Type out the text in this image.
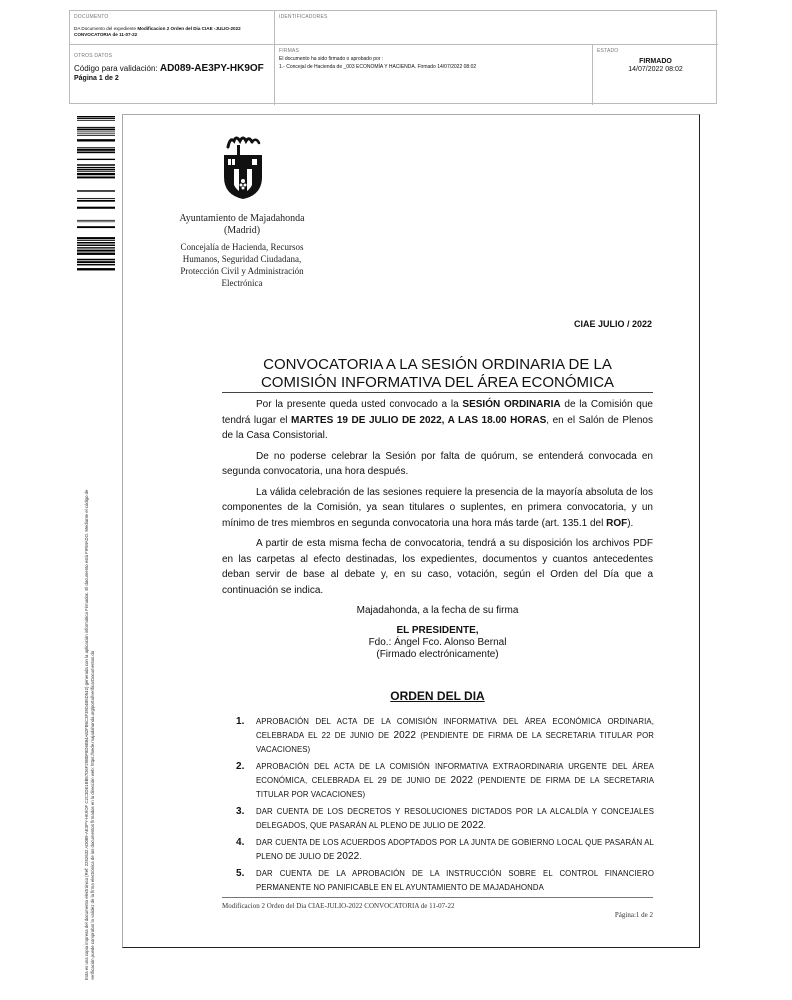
DOCUMENTO
DA Documento del expediente Modificacion 2 Orden del Dia CIAE -JULIO-2022 CONVOCATORIA de 11-07-22
IDENTIFICADORES
OTROS DATOS
Código para validación: AD089-AE3PY-HK9OF
Página 1 de 2
FIRMAS
El documento ha sido firmado o aprobado por :
1.- Concejal de Hacienda de _003 ECONOMÍA Y HACIENDA. Firmado 14/07/2022 08:02
ESTADO
FIRMADO
14/07/2022 08:02
Esta es una copia impresa del documento electrónico (Ref: 2252632 AD089-AE3PY-HK9OF C2C3DE1BB57D6F29B0F8D6B84A82FB6C3F39D4B5D542) generada con la aplicación informática Firmadoc. El documento está FIRMADO. Mediante el código de verificación puede comprobar la validez de la firma electrónica de los documentos firmados en la dirección web: https://sede.majadahonda.org/portal/verificarDocumentos.do
Ayuntamiento de Majadahonda
(Madrid)
Concejalía de Hacienda, Recursos
Humanos, Seguridad Ciudadana,
Protección Civil y Administración
Electrónica
CIAE JULIO / 2022
CONVOCATORIA A LA SESIÓN ORDINARIA DE LA
COMISIÓN INFORMATIVA DEL ÁREA ECONÓMICA

Por la presente queda usted convocado a la SESIÓN ORDINARIA de la Comisión que tendrá lugar el MARTES 19 DE JULIO DE 2022, A LAS 18.00 HORAS, en el Salón de Plenos de la Casa Consistorial.

De no poderse celebrar la Sesión por falta de quórum, se entenderá convocada en segunda convocatoria, una hora después.

La válida celebración de las sesiones requiere la presencia de la mayoría absoluta de los componentes de la Comisión, ya sean titulares o suplentes, en primera convocatoria, y un mínimo de tres miembros en segunda convocatoria una hora más tarde (art. 135.1 del ROF).

A partir de esta misma fecha de convocatoria, tendrá a su disposición los archivos PDF en las carpetas al efecto destinadas, los expedientes, documentos y cuantos antecedentes deban servir de base al debate y, en su caso, votación, según el Orden del Día que a continuación se indica.

Majadahonda, a la fecha de su firma

EL PRESIDENTE,
Fdo.: Ángel Fco. Alonso Bernal
(Firmado electrónicamente)
ORDEN DEL DIA
1. APROBACIÓN DEL ACTA DE LA COMISIÓN INFORMATIVA DEL ÁREA ECONÓMICA ORDINARIA, CELEBRADA EL 22 DE JUNIO DE 2022 (PENDIENTE DE FIRMA DE LA SECRETARIA TITULAR POR VACACIONES)
2. APROBACIÓN DEL ACTA DE LA COMISIÓN INFORMATIVA EXTRAORDINARIA URGENTE DEL ÁREA ECONÓMICA, CELEBRADA EL 29 DE JUNIO DE 2022 (PENDIENTE DE FIRMA DE LA SECRETARIA TITULAR POR VACACIONES)
3. DAR CUENTA DE LOS DECRETOS Y RESOLUCIONES DICTADOS POR LA ALCALDÍA Y CONCEJALES DELEGADOS, QUE PASARÁN AL PLENO DE JULIO DE 2022.
4. DAR CUENTA DE LOS ACUERDOS ADOPTADOS POR LA JUNTA DE GOBIERNO LOCAL QUE PASARÁN AL PLENO DE JULIO DE 2022.
5. DAR CUENTA DE LA APROBACIÓN DE LA INSTRUCCIÓN SOBRE EL CONTROL FINANCIERO PERMANENTE NO PANIFICABLE EN EL AYUNTAMIENTO DE MAJADAHONDA
Modificacion 2 Orden del Dia CIAE-JULIO-2022 CONVOCATORIA de 11-07-22
Página:1 de 2
